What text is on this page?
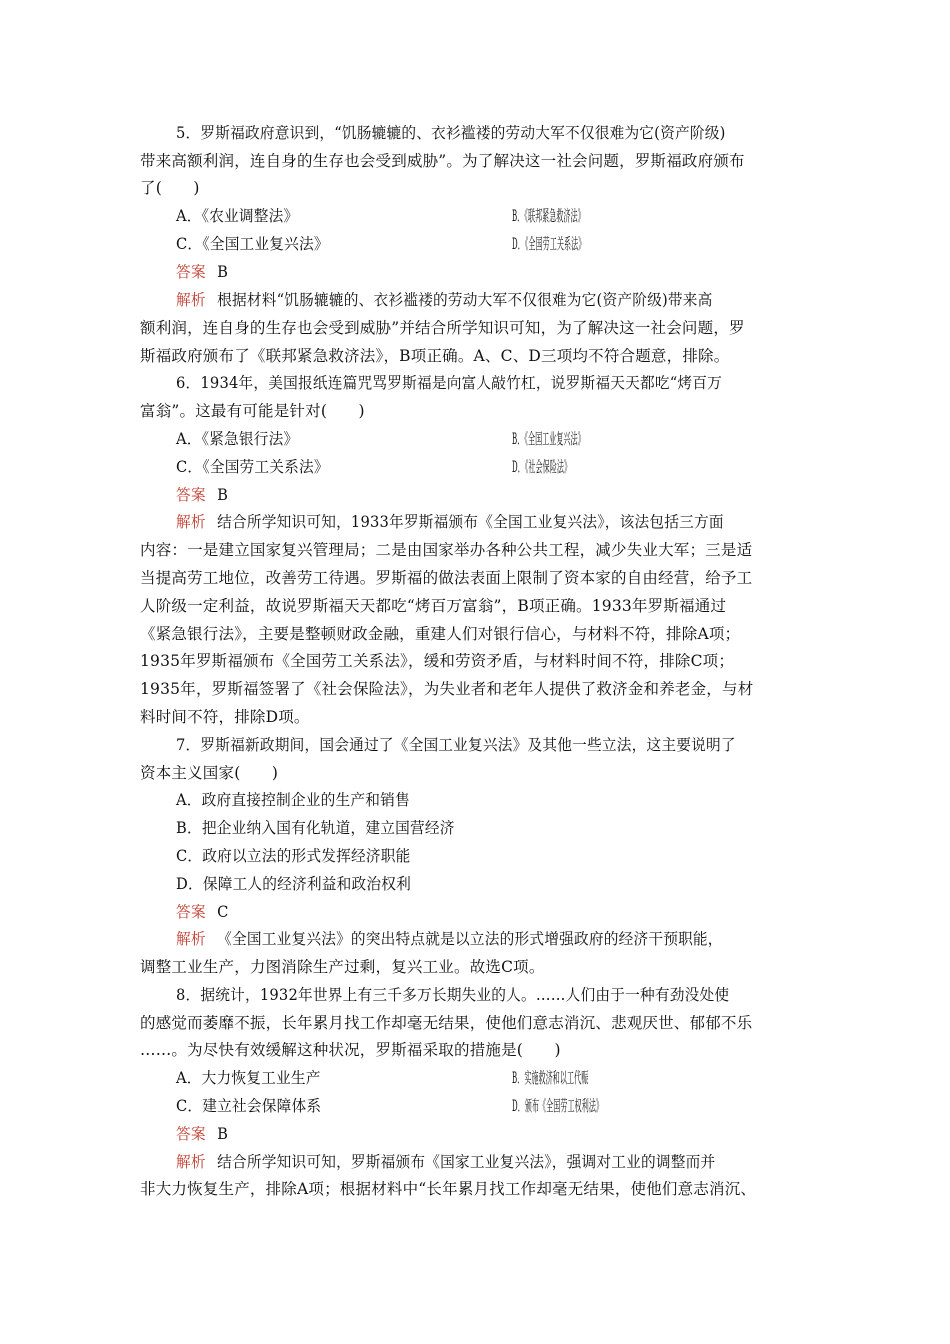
5．罗斯福政府意识到，“饥肠辘辘的、衣衫褴褛的劳动大军不仅很难为它(资产阶级)
带来高额利润，连自身的生存也会受到威胁”。为了解决这一社会问题，罗斯福政府颁布
了(　　)
A．《农业调整法》	B．《联邦紧急救济法》
C．《全国工业复兴法》	D．《全国劳工关系法》
答案 B
解析 根据材料“饥肠辘辘的、衣衫褴褛的劳动大军不仅很难为它(资产阶级)带来高
额利润，连自身的生存也会受到威胁”并结合所学知识可知，为了解决这一社会问题，罗
斯福政府颁布了《联邦紧急救济法》，B项正确。A、C、D三项均不符合题意，排除。
6．1934年，美国报纸连篇咒骂罗斯福是向富人敲竹杠，说罗斯福天天都吃“烤百万
富翁”。这最有可能是针对(　　)
A．《紧急银行法》	B．《全国工业复兴法》
C．《全国劳工关系法》	D．《社会保险法》
答案 B
解析 结合所学知识可知，1933年罗斯福颁布《全国工业复兴法》，该法包括三方面
内容：一是建立国家复兴管理局；二是由国家举办各种公共工程，减少失业大军；三是适
当提高劳工地位，改善劳工待遇。罗斯福的做法表面上限制了资本家的自由经营，给予工
人阶级一定利益，故说罗斯福天天都吃“烤百万富翁”，B项正确。1933年罗斯福通过
《紧急银行法》，主要是整顿财政金融，重建人们对银行信心，与材料不符，排除A项；
1935年罗斯福颁布《全国劳工关系法》，缓和劳资矛盾，与材料时间不符，排除C项；
1935年，罗斯福签署了《社会保险法》，为失业者和老年人提供了救济金和养老金，与材
料时间不符，排除D项。
7．罗斯福新政期间，国会通过了《全国工业复兴法》及其他一些立法，这主要说明了
资本主义国家(　　)
A．政府直接控制企业的生产和销售
B．把企业纳入国有化轨道，建立国营经济
C．政府以立法的形式发挥经济职能
D．保障工人的经济利益和政治权利
答案 C
解析 《全国工业复兴法》的突出特点就是以立法的形式增强政府的经济干预职能，
调整工业生产，力图消除生产过剩，复兴工业。故选C项。
8．据统计，1932年世界上有三千多万长期失业的人。……人们由于一种有劲没处使
的感觉而萎靡不振，长年累月找工作却毫无结果，使他们意志消沉、悲观厌世、郁郁不乐
……。为尽快有效缓解这种状况，罗斯福采取的措施是(　　)
A．大力恢复工业生产	B．实施救济和以工代赈
C．建立社会保障体系	D．颁布《全国劳工权利法》
答案 B
解析 结合所学知识可知，罗斯福颁布《国家工业复兴法》，强调对工业的调整而并
非大力恢复生产，排除A项；根据材料中“长年累月找工作却毫无结果，使他们意志消沉、
